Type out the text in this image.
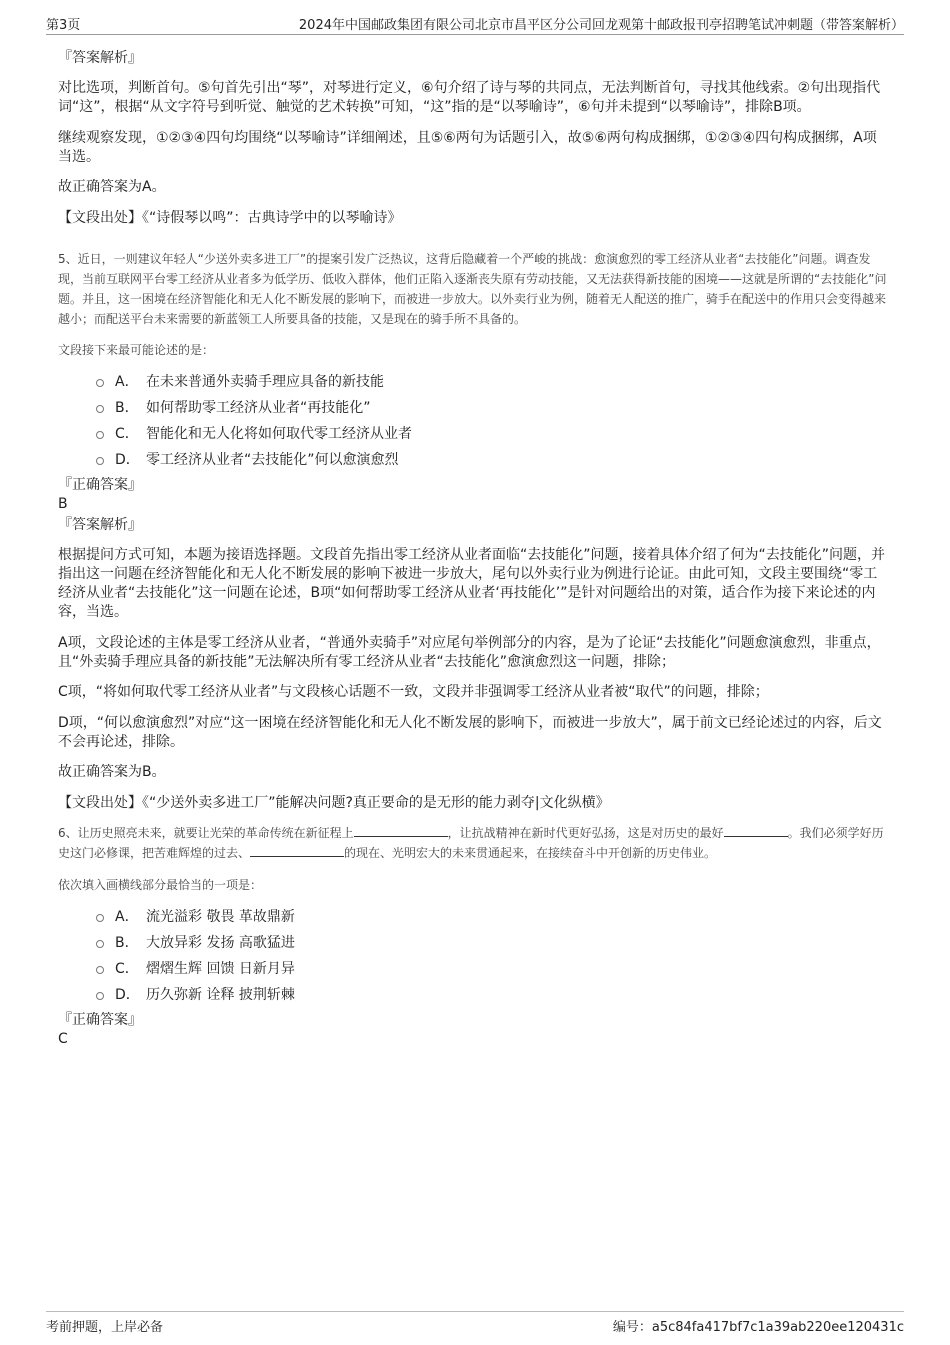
第3页	2024年中国邮政集团有限公司北京市昌平区分公司回龙观第十邮政报刊亭招聘笔试冲刺题（带答案解析）

『答案解析』

对比选项，判断首句。⑤句首先引出“琴”，对琴进行定义，⑥句介绍了诗与琴的共同点，无法判断首句，寻找其他线索。②句出现指代词“这”，根据“从文字符号到听觉、触觉的艺术转换”可知，“这”指的是“以琴喻诗”，⑥句并未提到“以琴喻诗”，排除B项。

继续观察发现，①②③④四句均围绕“以琴喻诗”详细阐述，且⑤⑥两句为话题引入，故⑤⑥两句构成捆绑，①②③④四句构成捆绑，A项当选。

故正确答案为A。

【文段出处】《“诗假琴以鸣”：古典诗学中的以琴喻诗》

5、近日，一则建议年轻人“少送外卖多进工厂”的提案引发广泛热议，这背后隐藏着一个严峻的挑战：愈演愈烈的零工经济从业者“去技能化”问题。调查发现，当前互联网平台零工经济从业者多为低学历、低收入群体，他们正陷入逐渐丧失原有劳动技能，又无法获得新技能的困境——这就是所谓的“去技能化”问题。并且，这一困境在经济智能化和无人化不断发展的影响下，而被进一步放大。以外卖行业为例，随着无人配送的推广，骑手在配送中的作用只会变得越来越小；而配送平台未来需要的新蓝领工人所要具备的技能，又是现在的骑手所不具备的。

文段接下来最可能论述的是：

A． 在未来普通外卖骑手理应具备的新技能
B． 如何帮助零工经济从业者“再技能化”
C． 智能化和无人化将如何取代零工经济从业者
D． 零工经济从业者“去技能化”何以愈演愈烈

『正确答案』

B

『答案解析』

根据提问方式可知，本题为接语选择题。文段首先指出零工经济从业者面临“去技能化”问题，接着具体介绍了何为“去技能化”问题，并指出这一问题在经济智能化和无人化不断发展的影响下被进一步放大，尾句以外卖行业为例进行论证。由此可知，文段主要围绕“零工经济从业者“去技能化”这一问题在论述，B项“如何帮助零工经济从业者‘再技能化’”是针对问题给出的对策，适合作为接下来论述的内容，当选。

A项，文段论述的主体是零工经济从业者，“普通外卖骑手”对应尾句举例部分的内容，是为了论证“去技能化”问题愈演愈烈，非重点，且“外卖骑手理应具备的新技能”无法解决所有零工经济从业者“去技能化”愈演愈烈这一问题，排除；

C项，“将如何取代零工经济从业者”与文段核心话题不一致，文段并非强调零工经济从业者被“取代”的问题，排除；

D项，“何以愈演愈烈”对应“这一困境在经济智能化和无人化不断发展的影响下，而被进一步放大”，属于前文已经论述过的内容，后文不会再论述，排除。

故正确答案为B。

【文段出处】《“少送外卖多进工厂”能解决问题?真正要命的是无形的能力剥夺|文化纵横》

6、让历史照亮未来，就要让光荣的革命传统在新征程上	，让抗战精神在新时代更好弘扬，这是对历史的最好	。我们必须学好历史这门必修课，把苦难辉煌的过去、	的现在、光明宏大的未来贯通起来，在接续奋斗中开创新的历史伟业。

依次填入画横线部分最恰当的一项是：

A． 流光溢彩 敬畏 革故鼎新
B． 大放异彩 发扬 高歌猛进
C． 熠熠生辉 回馈 日新月异
D． 历久弥新 诠释 披荆斩棘

『正确答案』

C

考前押题，上岸必备	编号：a5c84fa417bf7c1a39ab220ee120431c
